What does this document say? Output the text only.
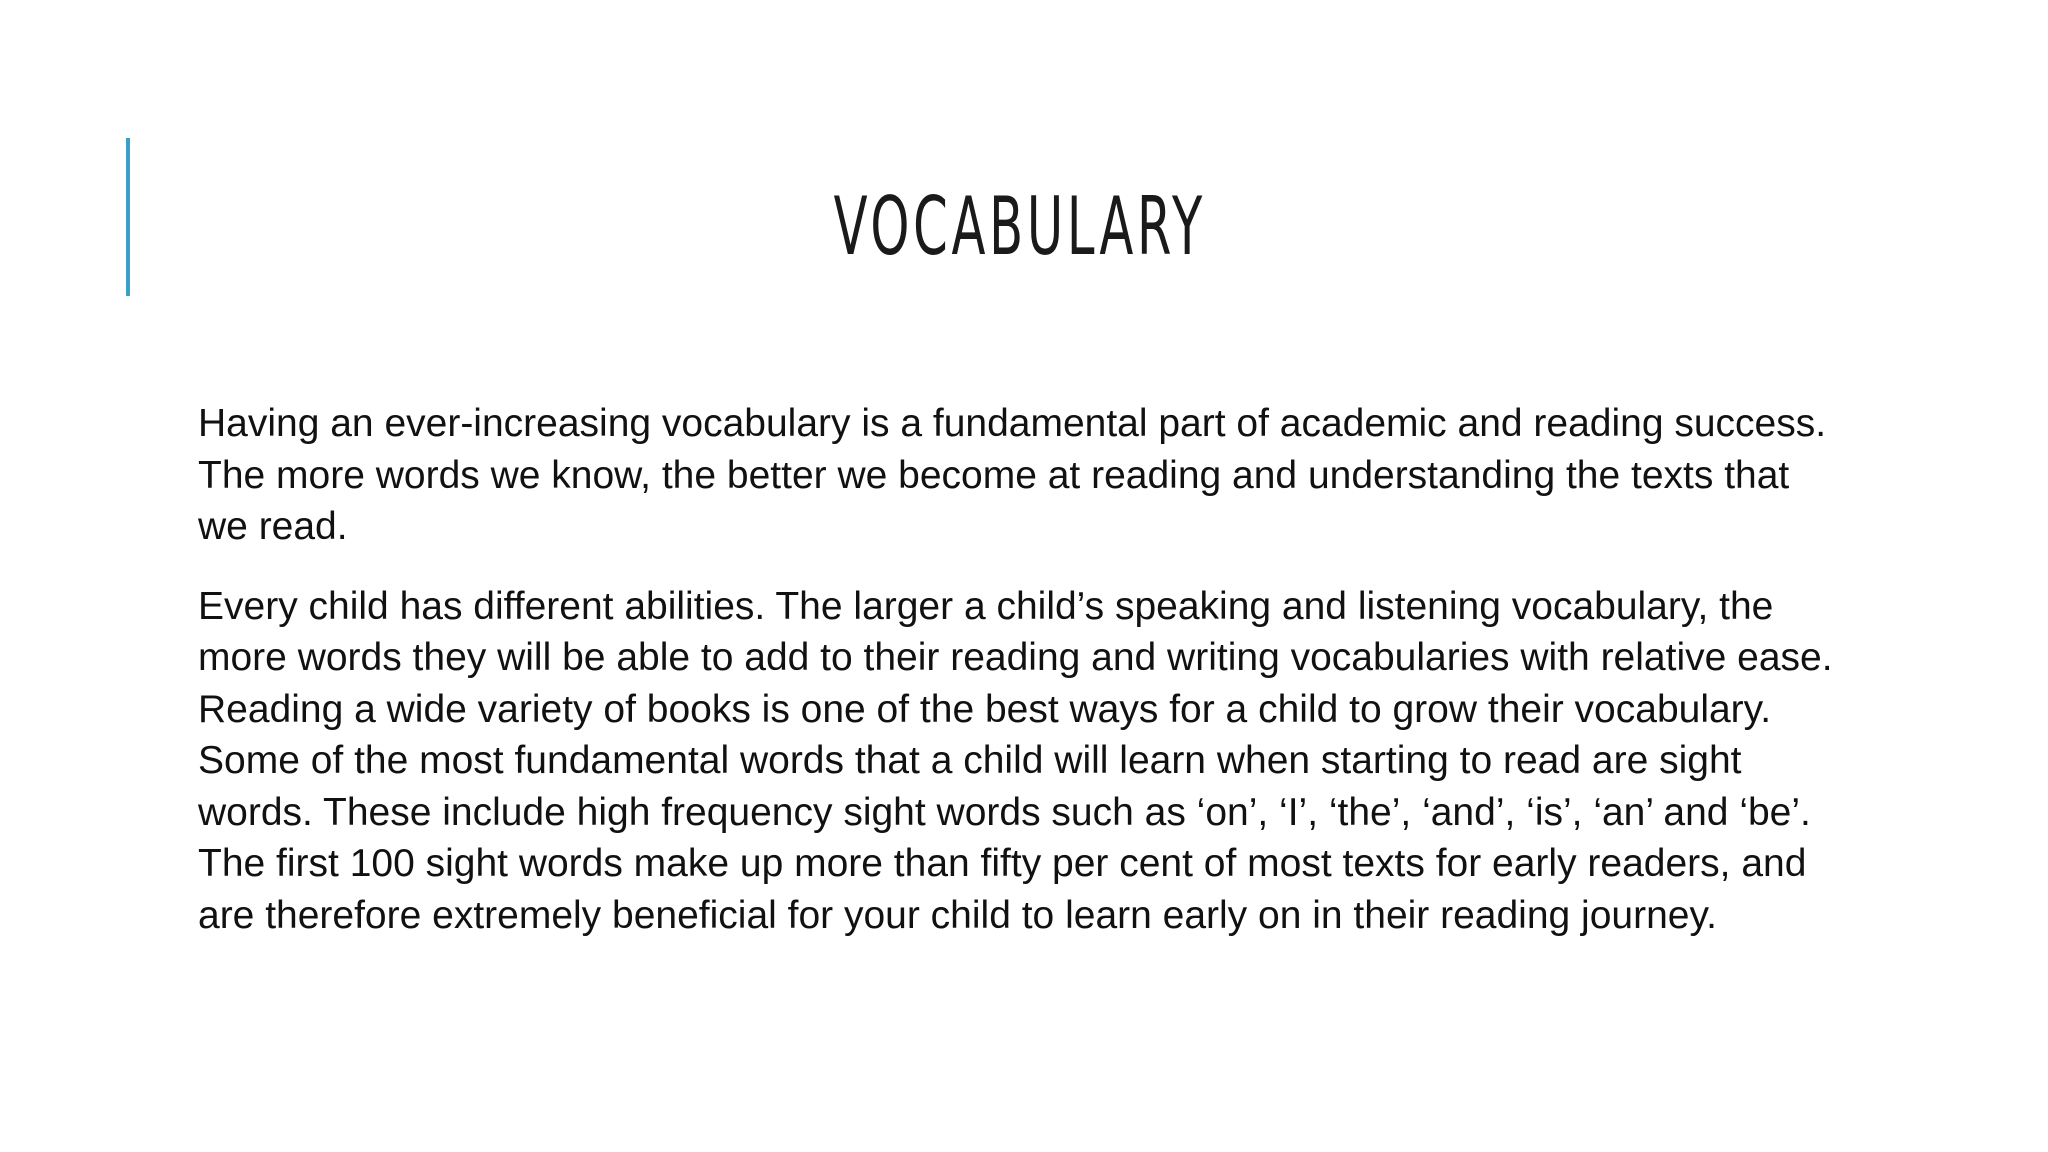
VOCABULARY

Having an ever-increasing vocabulary is a fundamental part of academic and reading success. The more words we know, the better we become at reading and understanding the texts that we read.

Every child has different abilities. The larger a child’s speaking and listening vocabulary, the more words they will be able to add to their reading and writing vocabularies with relative ease. Reading a wide variety of books is one of the best ways for a child to grow their vocabulary. Some of the most fundamental words that a child will learn when starting to read are sight words. These include high frequency sight words such as ‘on’, ‘I’, ‘the’, ‘and’, ‘is’, ‘an’ and ‘be’. The first 100 sight words make up more than fifty per cent of most texts for early readers, and are therefore extremely beneficial for your child to learn early on in their reading journey.
